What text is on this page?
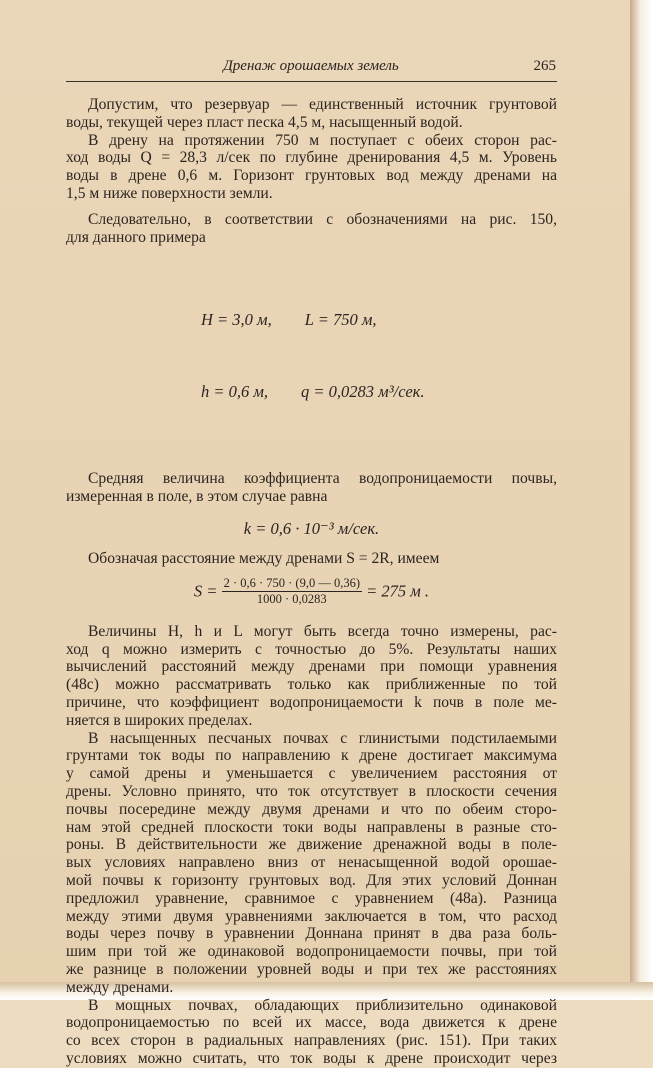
Дренаж орошаемых земель	265
Допустим, что резервуар — единственный источник грунтовой
воды, текущей через пласт песка 4,5 м, насыщенный водой.
В дрену на протяжении 750 м поступает с обеих сторон рас-
ход воды Q = 28,3 л/сек по глубине дренирования 4,5 м. Уровень
воды в дрене 0,6 м. Горизонт грунтовых вод между дренами на
1,5 м ниже поверхности земли.
Следовательно, в соответствии с обозначениями на рис. 150,
для данного примера

H = 3,0 м,        L = 750 м,

h = 0,6 м,        q = 0,0283 м³/сек.

Средняя величина коэффициента водопроницаемости почвы,
измеренная в поле, в этом случае равна
k = 0,6 · 10⁻³ м/сек.
Обозначая расстояние между дренами S = 2R, имеем
$S = \frac{2 \cdot 0,6 \cdot 750 \cdot (9,0 — 0,36)}{1000 \cdot 0,0283} = 275$ м .
Величины H, h и L могут быть всегда точно измерены, рас-
ход q можно измерить с точностью до 5%. Результаты наших
вычислений расстояний между дренами при помощи уравнения
(48с) можно рассматривать только как приближенные по той
причине, что коэффициент водопроницаемости k почв в поле ме-
няется в широких пределах.
В насыщенных песчаных почвах с глинистыми подстилаемыми
грунтами ток воды по направлению к дрене достигает максимума
у самой дрены и уменьшается с увеличением расстояния от
дрены. Условно принято, что ток отсутствует в плоскости сечения
почвы посередине между двумя дренами и что по обеим сторо-
нам этой средней плоскости токи воды направлены в разные сто-
роны. В действительности же движение дренажной воды в поле-
вых условиях направлено вниз от ненасыщенной водой орошае-
мой почвы к горизонту грунтовых вод. Для этих условий Доннан
предложил уравнение, сравнимое с уравнением (48а). Разница
между этими двумя уравнениями заключается в том, что расход
воды через почву в уравнении Доннана принят в два раза боль-
шим при той же одинаковой водопроницаемости почвы, при той
же разнице в положении уровней воды и при тех же расстояниях
между дренами.
В мощных почвах, обладающих приблизительно одинаковой
водопроницаемостью по всей их массе, вода движется к дрене
со всех сторон в радиальных направлениях (рис. 151). При таких
условиях можно считать, что ток воды к дрене происходит через
